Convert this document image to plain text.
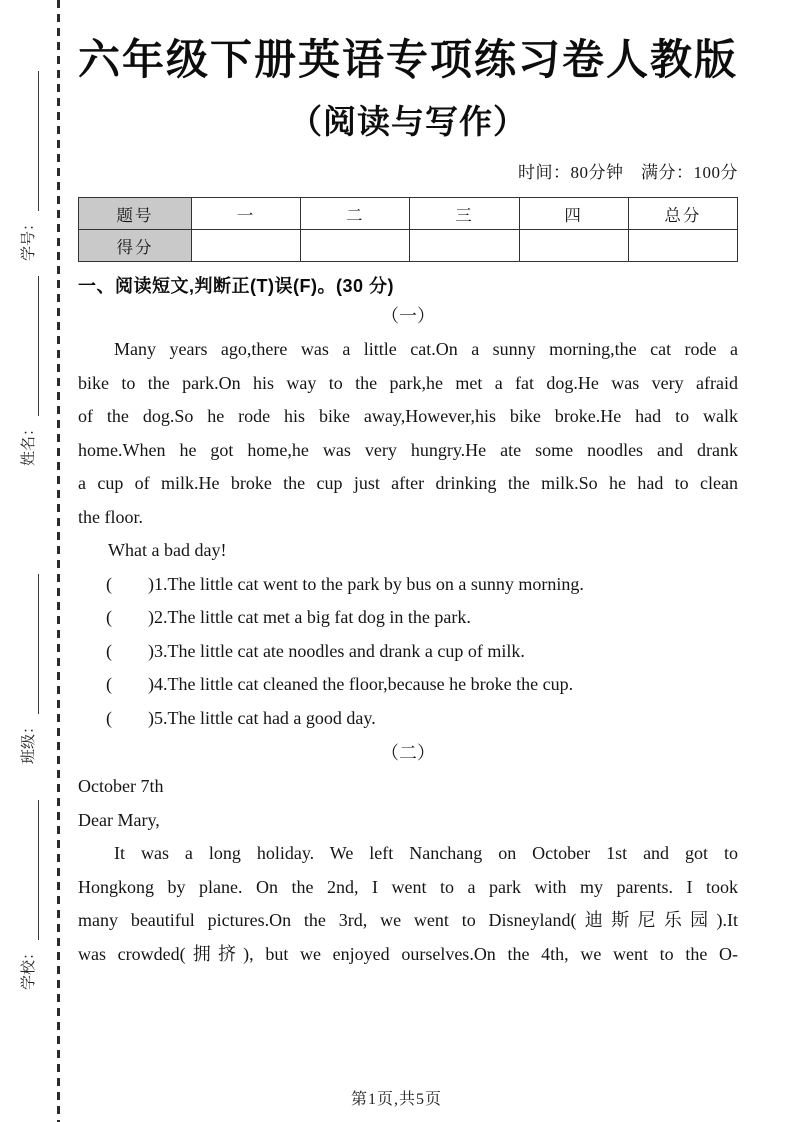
学号：
姓名：
班级：
学校：
六年级下册英语专项练习卷人教版
（阅读与写作）
时间：80分钟　满分：100分
题号	一	二	三	四	总分
得分					
一、阅读短文,判断正(T)误(F)。(30 分)
（一）
Many years ago,there was a little cat.On a sunny morning,the cat rode a
bike to the park.On his way to the park,he met a fat dog.He was very afraid
of the dog.So he rode his bike away,However,his bike broke.He had to walk
home.When he got home,he was very hungry.He ate some noodles and drank
a cup of milk.He broke the cup just after drinking the milk.So he had to clean
the floor.
What a bad day!
(　　)1.The little cat went to the park by bus on a sunny morning.
(　　)2.The little cat met a big fat dog in the park.
(　　)3.The little cat ate noodles and drank a cup of milk.
(　　)4.The little cat cleaned the floor,because he broke the cup.
(　　)5.The little cat had a good day.
（二）
October 7th
Dear Mary,
It was a long holiday. We left Nanchang on October 1st and got to
Hongkong by plane. On the 2nd, I went to a park with my parents. I took
many beautiful pictures.On the 3rd, we went to Disneyland(迪斯尼乐园).It
was crowded(拥挤), but we enjoyed ourselves.On the 4th, we went to the O-
第1页,共5页
